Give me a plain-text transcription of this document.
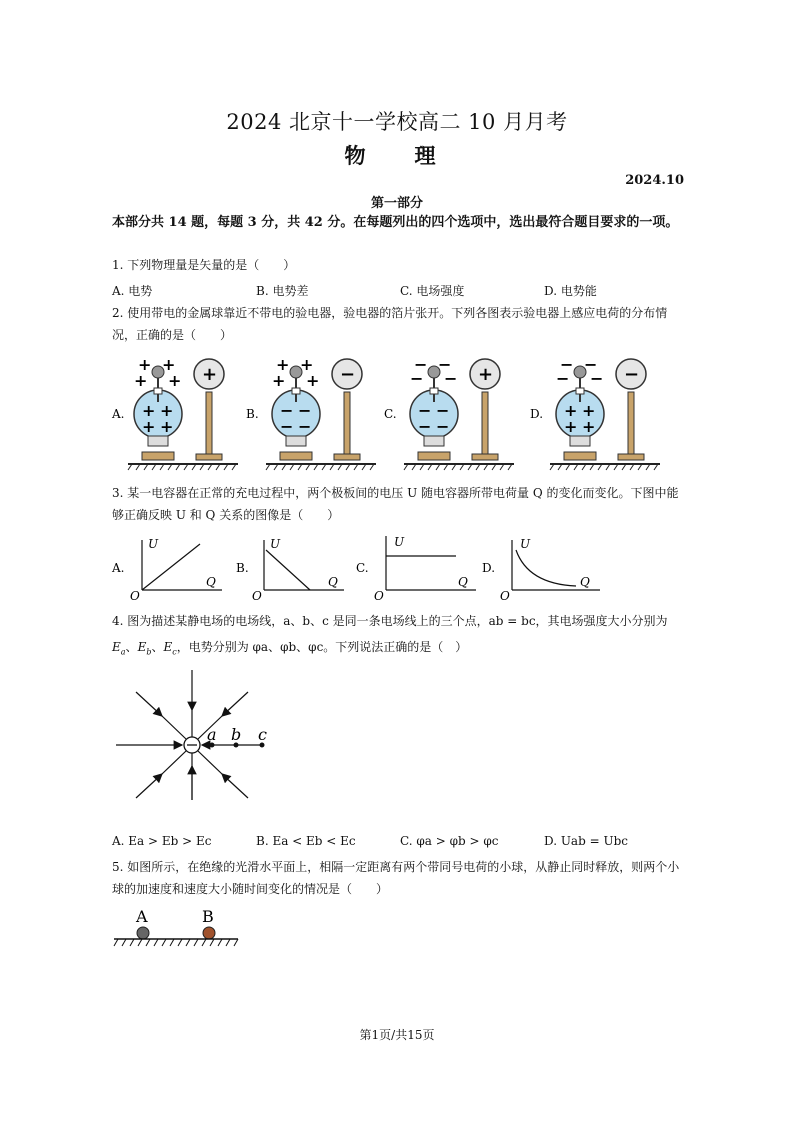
2024 北京十一学校高二 10 月月考
物　理
2024.10
第一部分
本部分共 14 题，每题 3 分，共 42 分。在每题列出的四个选项中，选出最符合题目要求的一项。
1. 下列物理量是矢量的是（　　）
A. 电势	B. 电势差	C. 电场强度	D. 电势能
2. 使用带电的金属球靠近不带电的验电器，验电器的箔片张开。下列各图表示验电器上感应电荷的分布情况，正确的是（　　）
A.
+
+ +
+ +
+ +
+ +
B.
−
+ +
+ +
− −
− −
C.
+
− −
− −
− −
− −
D.
−
− −
− −
+ +
+ +
3. 某一电容器在正常的充电过程中，两个极板间的电压 U 随电容器所带电荷量 Q 的变化而变化。下图中能够正确反映 U 和 Q 关系的图像是（　　）
A.
U
Q
O
B.
U
Q
O
C.
U
Q
O
D.
U
Q
O
4. 图为描述某静电场的电场线，a、b、c 是同一条电场线上的三个点，ab = bc，其电场强度大小分别为
$E_a$、$E_b$、$E_c$，电势分别为 φa、φb、φc。下列说法正确的是（　）
a b c
A. Ea > Eb > Ec	B. Ea < Eb < Ec	C. φa > φb > φc	D. Uab = Ubc
5. 如图所示，在绝缘的光滑水平面上，相隔一定距离有两个带同号电荷的小球，从静止同时释放，则两个小球的加速度和速度大小随时间变化的情况是（　　）
A	B
第1页/共15页
